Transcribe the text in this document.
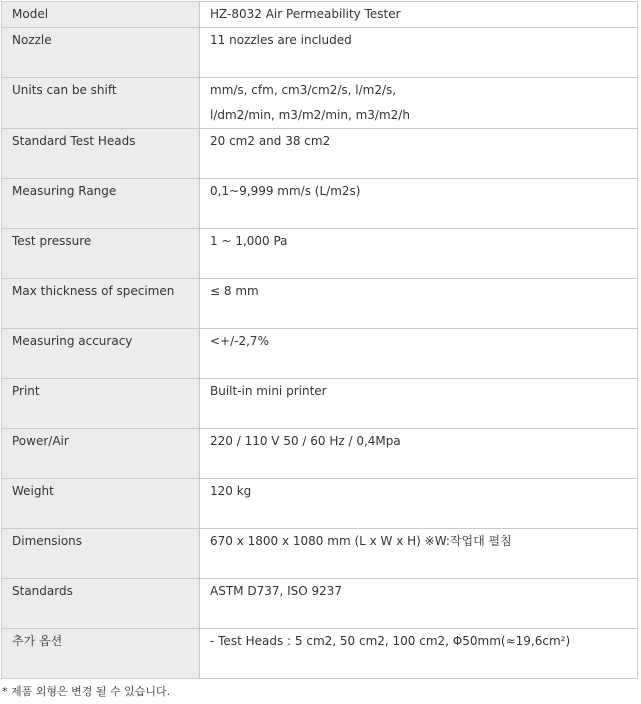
Model	HZ-8032 Air Permeability Tester
Nozzle	11 nozzles are included
Units can be shift	mm/s, cfm, cm3/cm2/s, l/m2/s,
l/dm2/min, m3/m2/min, m3/m2/h

Standard Test Heads	20 cm2 and 38 cm2
Measuring Range	0,1~9,999 mm/s (L/m2s)
Test pressure	1 ~ 1,000 Pa
Max thickness of specimen	≤ 8 mm
Measuring accuracy	<+/-2,7%
Print	Built-in mini printer
Power/Air	220 / 110 V 50 / 60 Hz / 0,4Mpa
Weight	120 kg
Dimensions	670 x 1800 x 1080 mm (L x W x H) ※W:작업대 펼침
Standards	ASTM D737, ISO 9237
추가 옵션	- Test Heads : 5 cm2, 50 cm2, 100 cm2, Φ50mm(≈19,6cm²)
* 제품 외형은 변경 될 수 있습니다.
